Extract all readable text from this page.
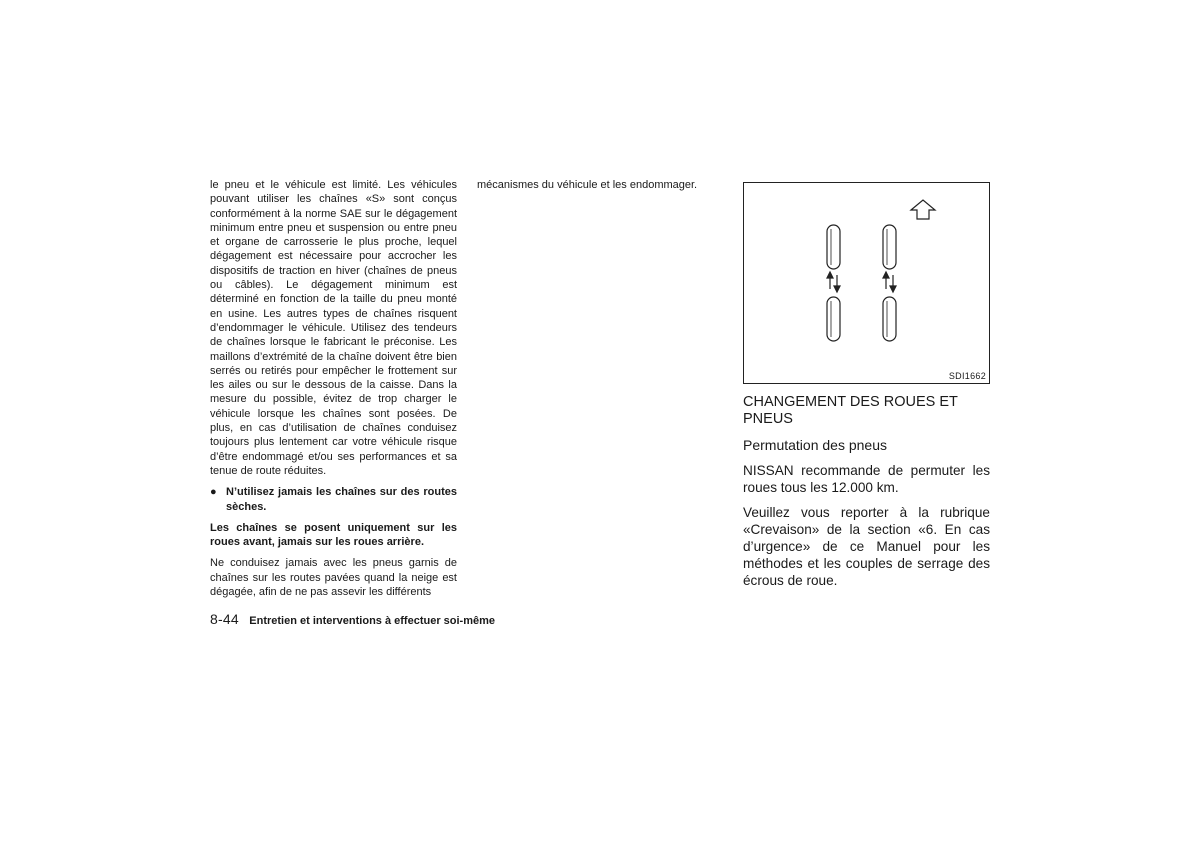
le pneu et le véhicule est limité. Les véhicules pouvant utiliser les chaînes «S» sont conçus conformément à la norme SAE sur le dégagement minimum entre pneu et suspension ou entre pneu et organe de carrosserie le plus proche, lequel dégagement est nécessaire pour accrocher les dispositifs de traction en hiver (chaînes de pneus ou câbles). Le dégagement minimum est déterminé en fonction de la taille du pneu monté en usine. Les autres types de chaînes risquent d’endommager le véhicule. Utilisez des tendeurs de chaînes lorsque le fabricant le préconise. Les maillons d’extrémité de la chaîne doivent être bien serrés ou retirés pour empêcher le frottement sur les ailes ou sur le dessous de la caisse. Dans la mesure du possible, évitez de trop charger le véhicule lorsque les chaînes sont posées. De plus, en cas d’utilisation de chaînes conduisez toujours plus lentement car votre véhicule risque d’être endommagé et/ou ses performances et sa tenue de route réduites.

● N’utilisez jamais les chaînes sur des routes sèches.

Les chaînes se posent uniquement sur les roues avant, jamais sur les roues arrière.

Ne conduisez jamais avec les pneus garnis de chaînes sur les routes pavées quand la neige est dégagée, afin de ne pas assevir les différents

mécanismes du véhicule et les endommager.

SDI1662
CHANGEMENT DES ROUES ET PNEUS
Permutation des pneus

NISSAN recommande de permuter les roues tous les 12.000 km.

Veuillez vous reporter à la rubrique «Crevaison» de la section «6. En cas d’urgence» de ce Manuel pour les méthodes et les couples de serrage des écrous de roue.

8-44 Entretien et interventions à effectuer soi-même
